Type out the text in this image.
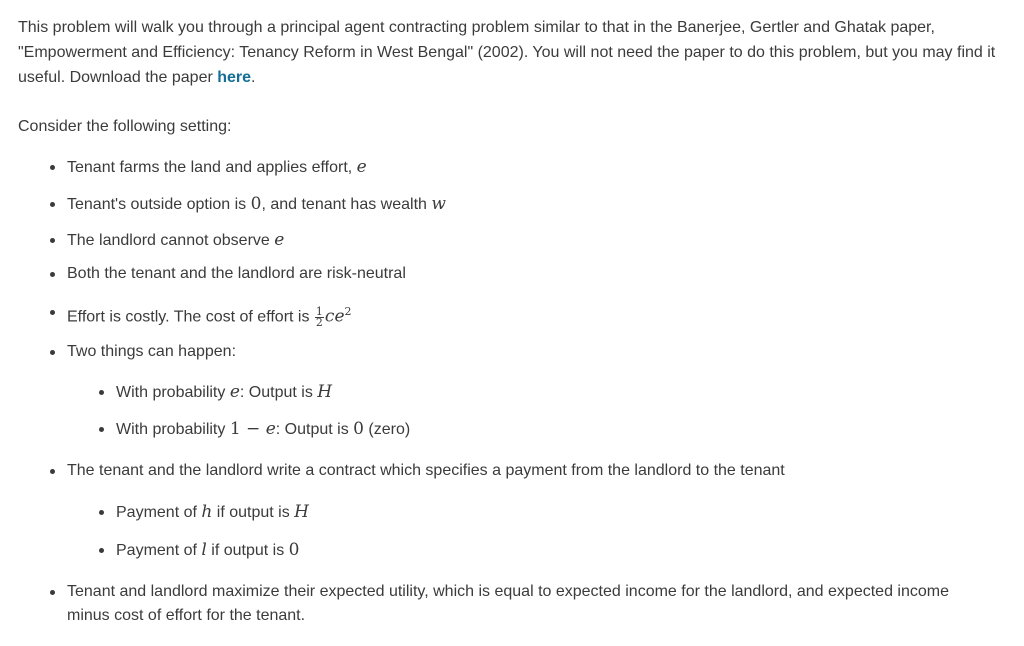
This problem will walk you through a principal agent contracting problem similar to that in the Banerjee, Gertler and Ghatak paper, "Empowerment and Efficiency: Tenancy Reform in West Bengal" (2002). You will not need the paper to do this problem, but you may find it useful. Download the paper here.

Consider the following setting:

Tenant farms the land and applies effort, e
Tenant's outside option is 0, and tenant has wealth w
The landlord cannot observe e
Both the tenant and the landlord are risk-neutral
Effort is costly. The cost of effort is $\frac{1}{2} ce^2$
Two things can happen:
With probability e: Output is H
With probability 1 − e: Output is 0 (zero)
The tenant and the landlord write a contract which specifies a payment from the landlord to the tenant
Payment of h if output is H
Payment of l if output is 0
Tenant and landlord maximize their expected utility, which is equal to expected income for the landlord, and expected income minus cost of effort for the tenant.
